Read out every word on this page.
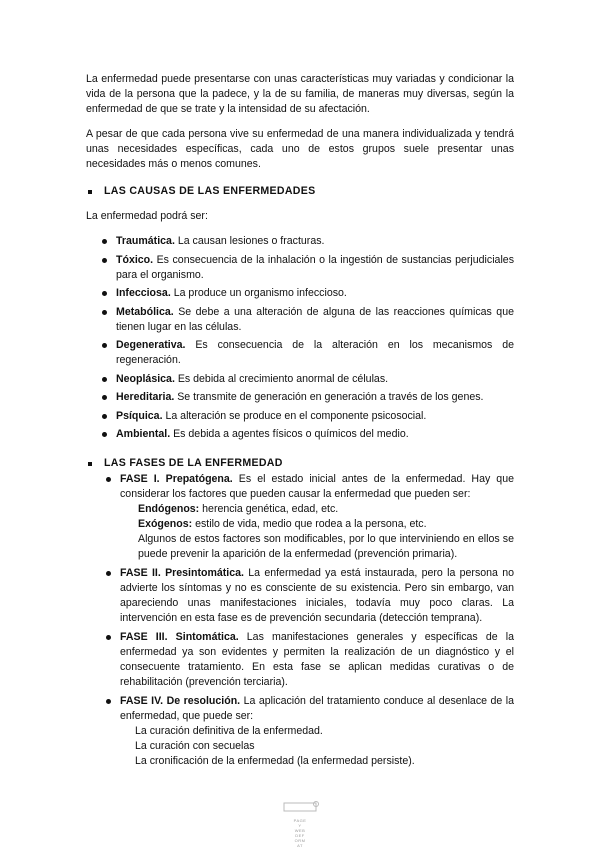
La enfermedad puede presentarse con unas características muy variadas y condicionar la vida de la persona que la padece, y la de su familia, de maneras muy diversas, según la enfermedad de que se trate y la intensidad de su afectación.

A pesar de que cada persona vive su enfermedad de una manera individualizada y tendrá unas necesidades específicas, cada uno de estos grupos suele presentar unas necesidades más o menos comunes.

LAS CAUSAS DE LAS ENFERMEDADES

La enfermedad podrá ser:

Traumática. La causan lesiones o fracturas.
Tóxico. Es consecuencia de la inhalación o la ingestión de sustancias perjudiciales para el organismo.
Infecciosa. La produce un organismo infeccioso.
Metabólica. Se debe a una alteración de alguna de las reacciones químicas que tienen lugar en las células.
Degenerativa. Es consecuencia de la alteración en los mecanismos de regeneración.
Neoplásica. Es debida al crecimiento anormal de células.
Hereditaria. Se transmite de generación en generación a través de los genes.
Psíquica. La alteración se produce en el componente psicosocial.
Ambiental. Es debida a agentes físicos o químicos del medio.
LAS FASES DE LA ENFERMEDAD
FASE I. Prepatógena. Es el estado inicial antes de la enfermedad. Hay que considerar los factores que pueden causar la enfermedad que pueden ser:
Endógenos: herencia genética, edad, etc.
Exógenos: estilo de vida, medio que rodea a la persona, etc.
Algunos de estos factores son modificables, por lo que interviniendo en ellos se puede prevenir la aparición de la enfermedad (prevención primaria).
FASE II. Presintomática. La enfermedad ya está instaurada, pero la persona no advierte los síntomas y no es consciente de su existencia. Pero sin embargo, van apareciendo unas manifestaciones iniciales, todavía muy poco claras. La intervención en esta fase es de prevención secundaria (detección temprana).
FASE III. Sintomática. Las manifestaciones generales y específicas de la enfermedad ya son evidentes y permiten la realización de un diagnóstico y el consecuente tratamiento. En esta fase se aplican medidas curativas o de rehabilitación (prevención terciaria).
FASE IV. De resolución. La aplicación del tratamiento conduce al desenlace de la enfermedad, que puede ser:
La curación definitiva de la enfermedad.
La curación con secuelas
La cronificación de la enfermedad (la enfermedad persiste).
PAGE
Y
WEB
DEF
ORM
AT
